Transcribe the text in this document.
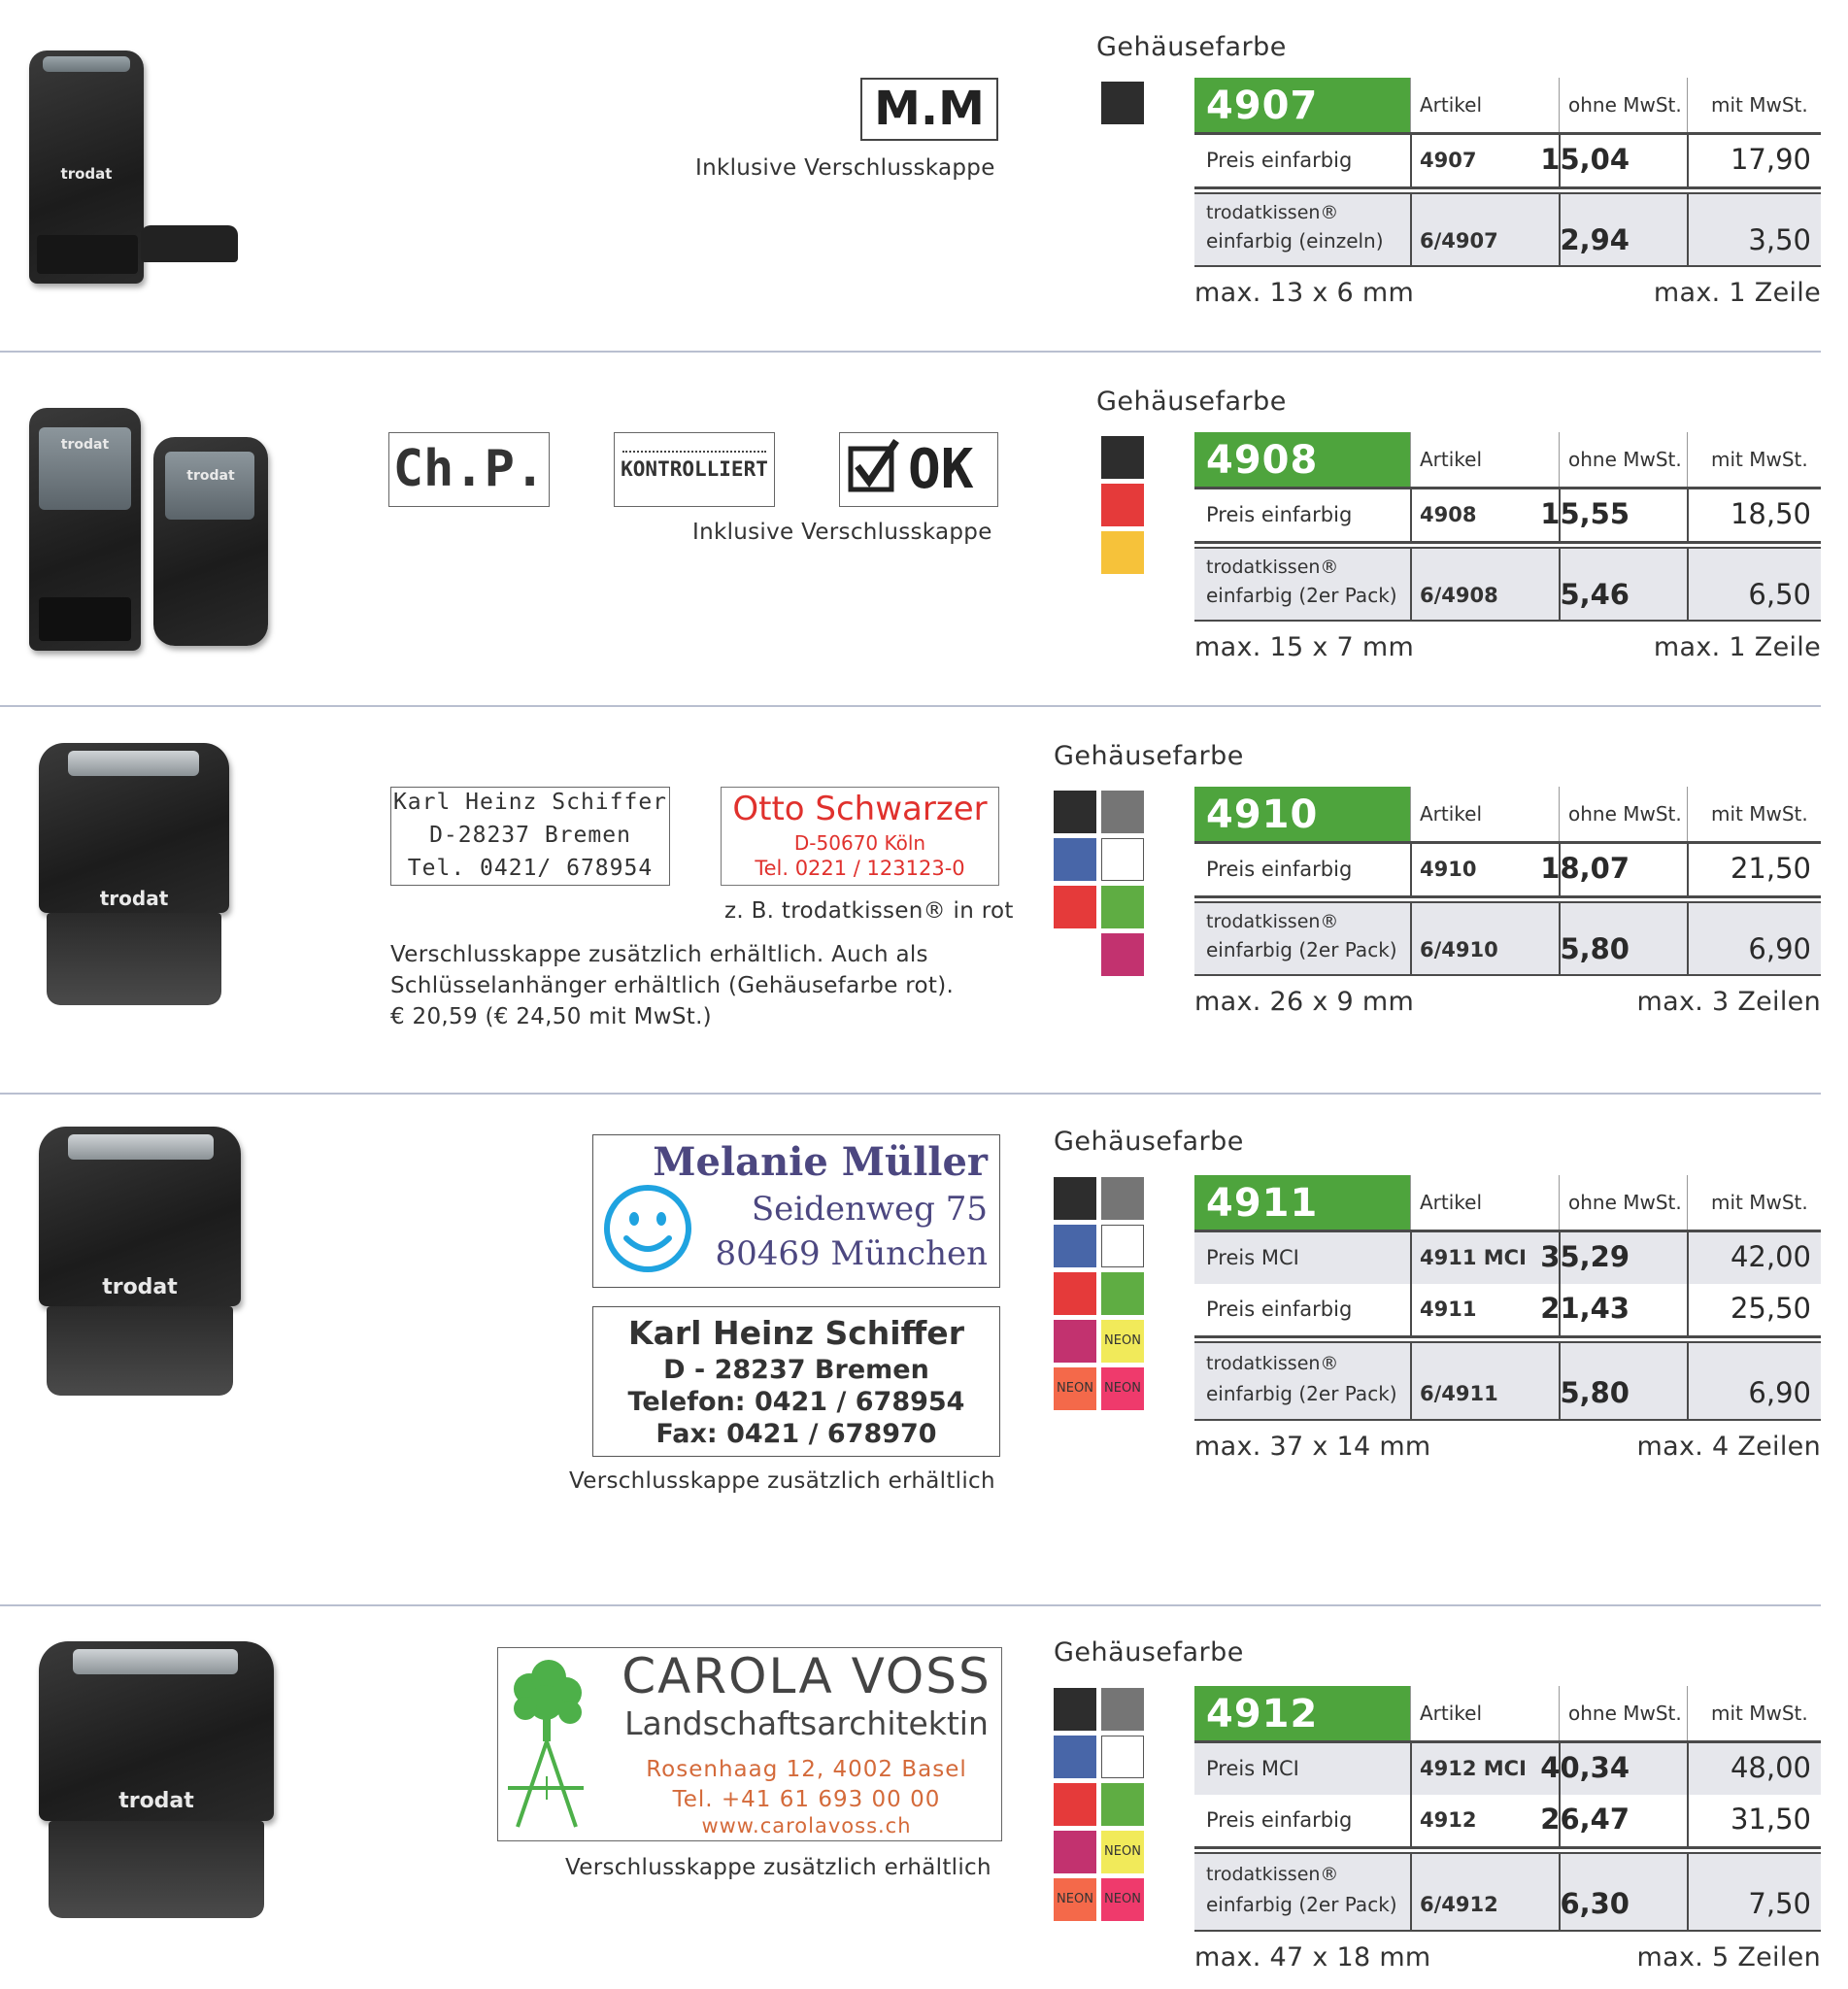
trodat
M.M
Inklusive Verschlusskappe
Gehäusefarbe
4907	Artikel	ohne MwSt. mit MwSt.
Preis einfarbig	4907 15,04	17,90
trodatkissen®
einfarbig (einzeln) 6/4907 2,94	3,50
max. 13 x 6 mm	max. 1 Zeile
trodat
trodat	Ch.P.	KONTROLLIERT	OK
Inklusive Verschlusskappe
Gehäusefarbe
4908	Artikel	ohne MwSt. mit MwSt.
Preis einfarbig	4908 15,55	18,50
trodatkissen®
einfarbig (2er Pack) 6/4908 5,46	6,50
max. 15 x 7 mm	max. 1 Zeile
trodat
Karl Heinz Schiffer
D-28237 Bremen
Tel. 0421/ 678954
Otto Schwarzer
D-50670 Köln
Tel. 0221 / 123123-0
z. B. trodatkissen® in rot
Verschlusskappe zusätzlich erhältlich. Auch als
Schlüsselanhänger erhältlich (Gehäusefarbe rot).
€ 20,59 (€ 24,50 mit MwSt.)
Gehäusefarbe
4910	Artikel	ohne MwSt. mit MwSt.
Preis einfarbig	4910 18,07	21,50
trodatkissen®
einfarbig (2er Pack) 6/4910 5,80	6,90
max. 26 x 9 mm	max. 3 Zeilen
trodat
Melanie Müller
Seidenweg 75
80469 München
Karl Heinz Schiffer
D - 28237 Bremen
Telefon: 0421 / 678954
Fax: 0421 / 678970
Verschlusskappe zusätzlich erhältlich
Gehäusefarbe
NEON
NEON NEON
4911	Artikel	ohne MwSt. mit MwSt.
Preis MCI	4911 MCI 35,29	42,00
Preis einfarbig	4911 21,43	25,50
trodatkissen®
einfarbig (2er Pack) 6/4911 5,80	6,90
max. 37 x 14 mm	max. 4 Zeilen
trodat
CAROLA VOSS
Landschaftsarchitektin
Rosenhaag 12, 4002 Basel
Tel. +41 61 693 00 00
www.carolavoss.ch
Verschlusskappe zusätzlich erhältlich
Gehäusefarbe
NEON
NEON NEON
4912	Artikel	ohne MwSt. mit MwSt.
Preis MCI	4912 MCI 40,34	48,00
Preis einfarbig	4912 26,47	31,50
trodatkissen®
einfarbig (2er Pack) 6/4912 6,30	7,50
max. 47 x 18 mm	max. 5 Zeilen
